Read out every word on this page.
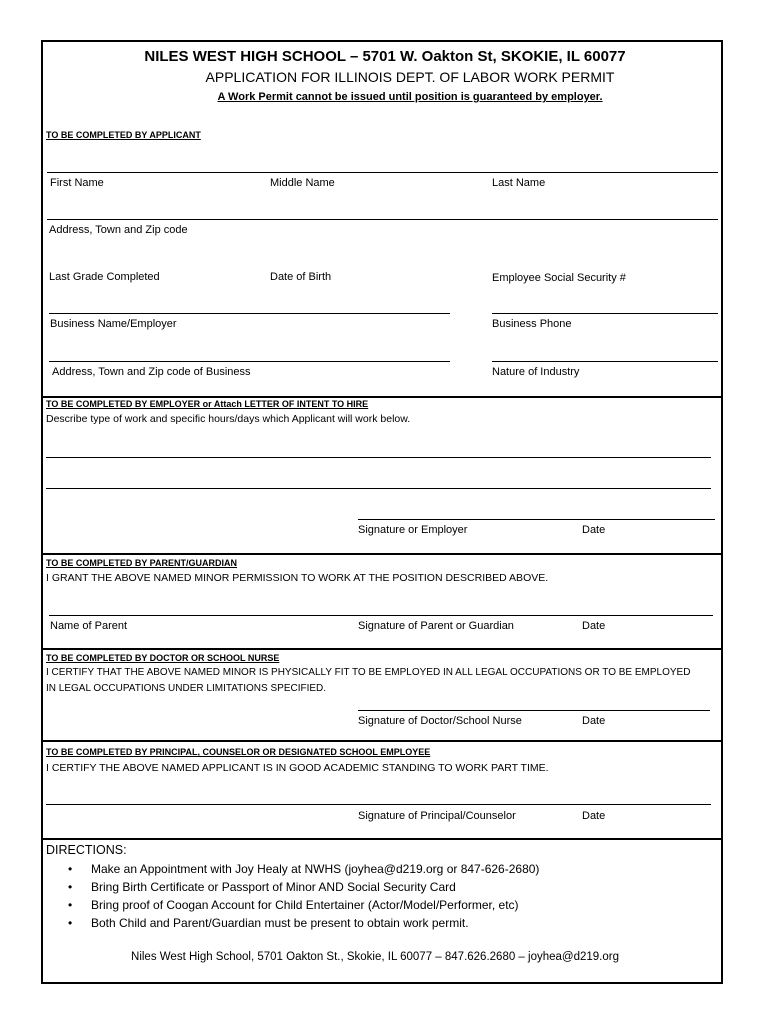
NILES WEST HIGH SCHOOL – 5701 W. Oakton St, SKOKIE, IL 60077
APPLICATION FOR ILLINOIS DEPT. OF LABOR WORK PERMIT
A Work Permit cannot be issued until position is guaranteed by employer.
TO BE COMPLETED BY APPLICANT
First Name	Middle Name	Last Name
Address, Town and Zip code
Last Grade Completed	Date of Birth	Employee Social Security #
Business Name/Employer	Business Phone
Address, Town and Zip code of Business	Nature of Industry
TO BE COMPLETED BY EMPLOYER or Attach LETTER OF INTENT TO HIRE
Describe type of work and specific hours/days which Applicant will work below.
Signature or Employer	Date
TO BE COMPLETED BY PARENT/GUARDIAN
I GRANT THE ABOVE NAMED MINOR PERMISSION TO WORK AT THE POSITION DESCRIBED ABOVE.
Name of Parent	Signature of Parent or Guardian	Date
TO BE COMPLETED BY DOCTOR OR SCHOOL NURSE
I CERTIFY THAT THE ABOVE NAMED MINOR IS PHYSICALLY FIT TO BE EMPLOYED IN ALL LEGAL OCCUPATIONS OR TO BE EMPLOYED
IN LEGAL OCCUPATIONS UNDER LIMITATIONS SPECIFIED.
Signature of Doctor/School Nurse	Date
TO BE COMPLETED BY PRINCIPAL, COUNSELOR OR DESIGNATED SCHOOL EMPLOYEE
I CERTIFY THE ABOVE NAMED APPLICANT IS IN GOOD ACADEMIC STANDING TO WORK PART TIME.
Signature of Principal/Counselor	Date
DIRECTIONS:
• Make an Appointment with Joy Healy at NWHS (joyhea@d219.org or 847-626-2680)
• Bring Birth Certificate or Passport of Minor AND Social Security Card
• Bring proof of Coogan Account for Child Entertainer (Actor/Model/Performer, etc)
• Both Child and Parent/Guardian must be present to obtain work permit.
Niles West High School, 5701 Oakton St., Skokie, IL 60077 – 847.626.2680 – joyhea@d219.org
